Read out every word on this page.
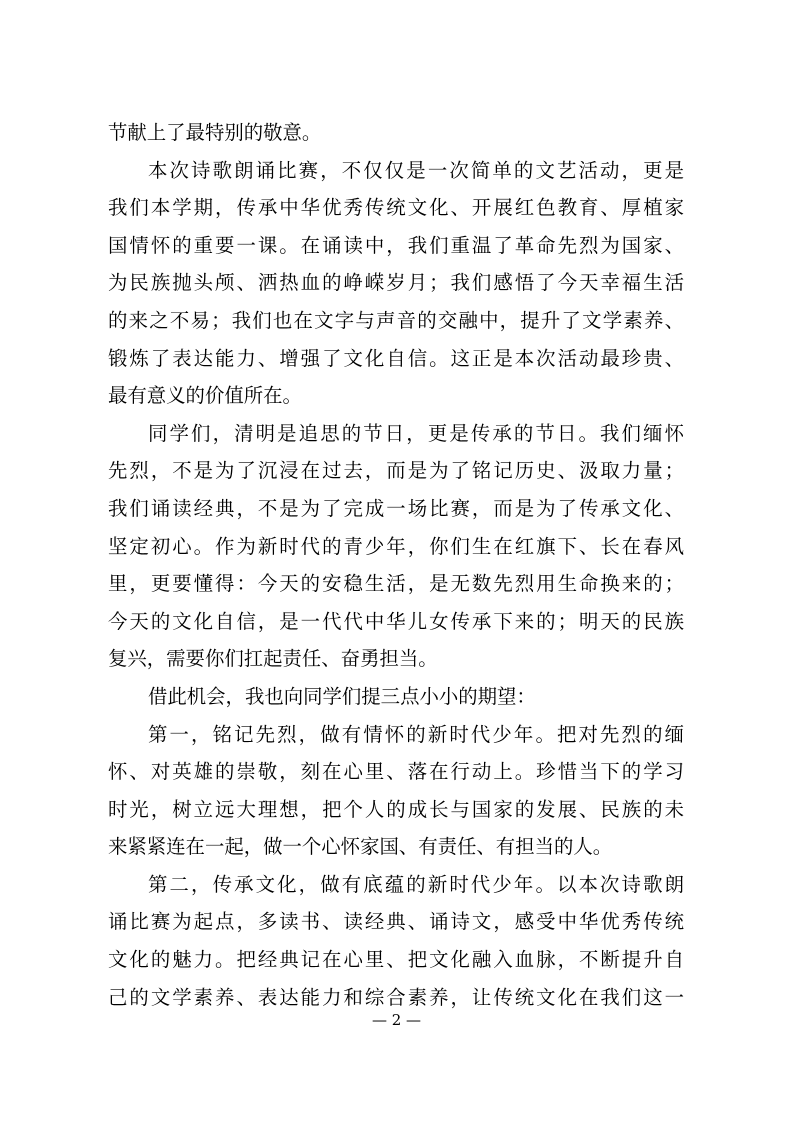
节献上了最特别的敬意。
本次诗歌朗诵比赛，不仅仅是一次简单的文艺活动，更是
我们本学期，传承中华优秀传统文化、开展红色教育、厚植家
国情怀的重要一课。在诵读中，我们重温了革命先烈为国家、
为民族抛头颅、洒热血的峥嵘岁月；我们感悟了今天幸福生活
的来之不易；我们也在文字与声音的交融中，提升了文学素养、
锻炼了表达能力、增强了文化自信。这正是本次活动最珍贵、
最有意义的价值所在。
同学们，清明是追思的节日，更是传承的节日。我们缅怀
先烈，不是为了沉浸在过去，而是为了铭记历史、汲取力量；
我们诵读经典，不是为了完成一场比赛，而是为了传承文化、
坚定初心。作为新时代的青少年，你们生在红旗下、长在春风
里，更要懂得：今天的安稳生活，是无数先烈用生命换来的；
今天的文化自信，是一代代中华儿女传承下来的；明天的民族
复兴，需要你们扛起责任、奋勇担当。
借此机会，我也向同学们提三点小小的期望：
第一，铭记先烈，做有情怀的新时代少年。把对先烈的缅
怀、对英雄的崇敬，刻在心里、落在行动上。珍惜当下的学习
时光，树立远大理想，把个人的成长与国家的发展、民族的未
来紧紧连在一起，做一个心怀家国、有责任、有担当的人。
第二，传承文化，做有底蕴的新时代少年。以本次诗歌朗
诵比赛为起点，多读书、读经典、诵诗文，感受中华优秀传统
文化的魅力。把经典记在心里、把文化融入血脉，不断提升自
己的文学素养、表达能力和综合素养，让传统文化在我们这一
— 2 —
